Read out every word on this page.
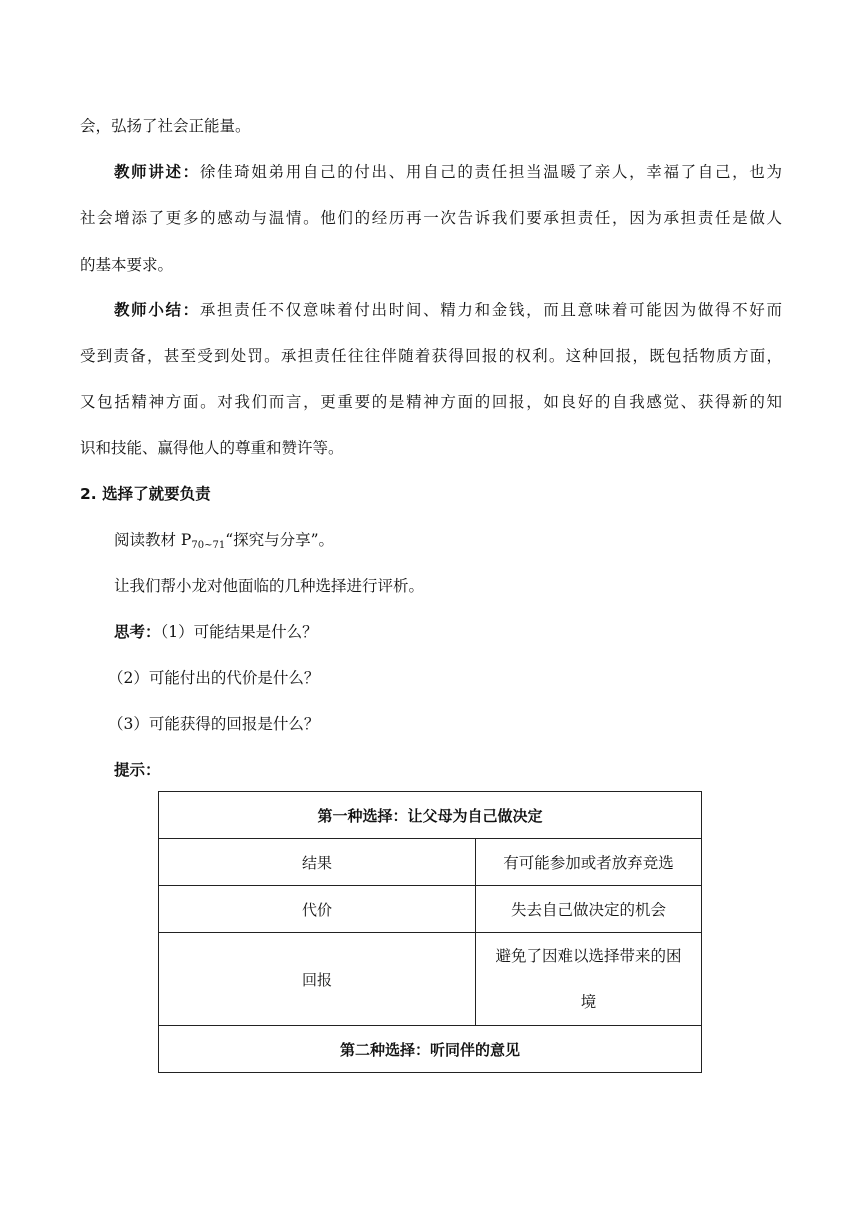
会，弘扬了社会正能量。
教师讲述：徐佳琦姐弟用自己的付出、用自己的责任担当温暖了亲人，幸福了自己，也为
社会增添了更多的感动与温情。他们的经历再一次告诉我们要承担责任，因为承担责任是做人
的基本要求。
教师小结：承担责任不仅意味着付出时间、精力和金钱，而且意味着可能因为做得不好而
受到责备，甚至受到处罚。承担责任往往伴随着获得回报的权利。这种回报，既包括物质方面，
又包括精神方面。对我们而言，更重要的是精神方面的回报，如良好的自我感觉、获得新的知
识和技能、赢得他人的尊重和赞许等。
2. 选择了就要负责
阅读教材 $P_{70\sim 71}“$探究与分享”。
让我们帮小龙对他面临的几种选择进行评析。
思考：（1）可能结果是什么？
（2）可能付出的代价是什么？
（3）可能获得的回报是什么？
提示：
第一种选择：让父母为自己做决定	
结果	有可能参加或者放弃竞选
代价	失去自己做决定的机会
回报	避免了因难以选择带来的困
境

第二种选择：听同伴的意见	
